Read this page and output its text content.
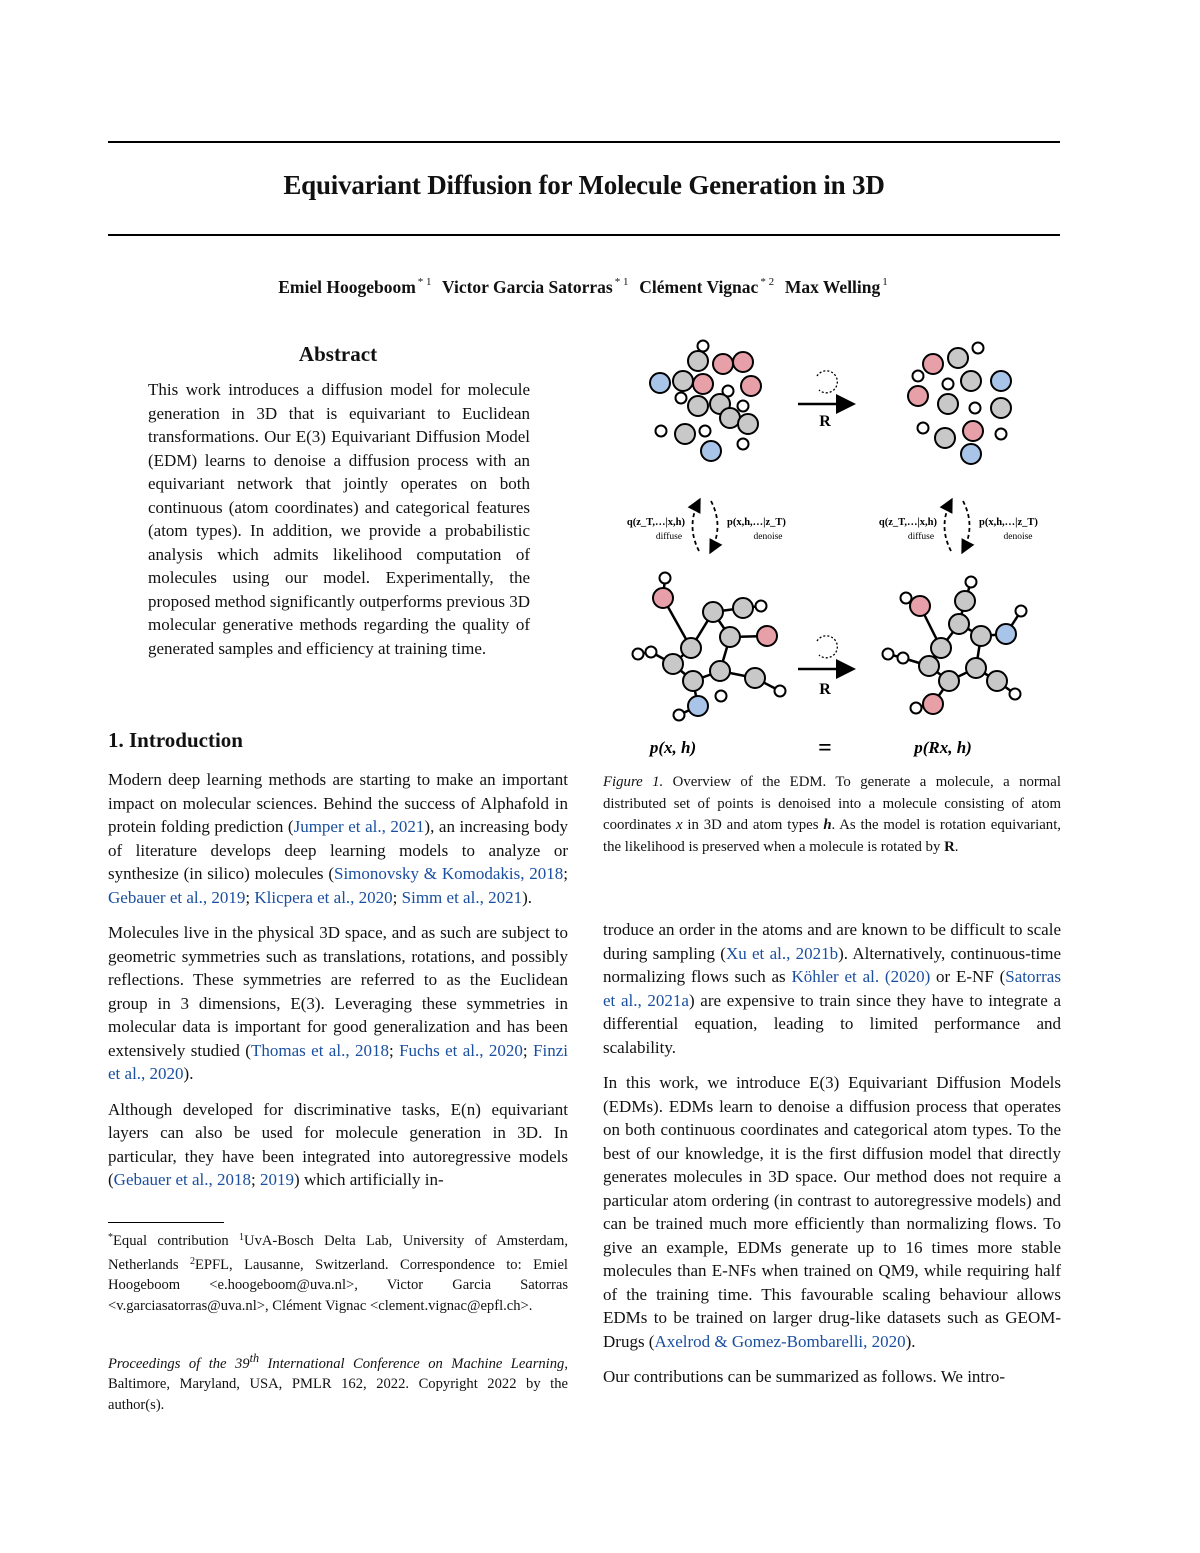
Equivariant Diffusion for Molecule Generation in 3D
Emiel Hoogeboom $^{* 1}$ Victor Garcia Satorras $^{* 1}$ Clément Vignac $^{* 2}$ Max Welling $^1$
Abstract

This work introduces a diffusion model for molecule generation in 3D that is equivariant to Euclidean transformations. Our E(3) Equivariant Diffusion Model (EDM) learns to denoise a diffusion process with an equivariant network that jointly operates on both continuous (atom coordinates) and categorical features (atom types). In addition, we provide a probabilistic analysis which admits likelihood computation of molecules using our model. Experimentally, the proposed method significantly outperforms previous 3D molecular generative methods regarding the quality of generated samples and efficiency at training time.

1. Introduction

Modern deep learning methods are starting to make an important impact on molecular sciences. Behind the success of Alphafold in protein folding prediction (Jumper et al., 2021), an increasing body of literature develops deep learning models to analyze or synthesize (in silico) molecules (Simonovsky & Komodakis, 2018; Gebauer et al., 2019; Klicpera et al., 2020; Simm et al., 2021).

Molecules live in the physical 3D space, and as such are subject to geometric symmetries such as translations, rotations, and possibly reflections. These symmetries are referred to as the Euclidean group in 3 dimensions, E(3). Leveraging these symmetries in molecular data is important for good generalization and has been extensively studied (Thomas et al., 2018; Fuchs et al., 2020; Finzi et al., 2020).

Although developed for discriminative tasks, E(n) equivariant layers can also be used for molecule generation in 3D. In particular, they have been integrated into autoregressive models (Gebauer et al., 2018; 2019) which artificially in-

*Equal contribution $^1$UvA-Bosch Delta Lab, University of Amsterdam, Netherlands $^2$EPFL, Lausanne, Switzerland. Correspondence to: Emiel Hoogeboom <e.hoogeboom@uva.nl>, Victor Garcia Satorras <v.garciasatorras@uva.nl>, Clément Vignac <clement.vignac@epfl.ch>.
Proceedings of the 39th International Conference on Machine Learning, Baltimore, Maryland, USA, PMLR 162, 2022. Copyright 2022 by the author(s).
R
R
q(z_T,…|x,h)
diffuse
p(x,h,…|z_T)
denoise
q(z_T,…|x,h)
diffuse
p(x,h,…|z_T)
denoise
p(x, h)	=	p(Rx, h)
Figure 1. Overview of the EDM. To generate a molecule, a normal distributed set of points is denoised into a molecule consisting of atom coordinates x in 3D and atom types h. As the model is rotation equivariant, the likelihood is preserved when a molecule is rotated by R.

troduce an order in the atoms and are known to be difficult to scale during sampling (Xu et al., 2021b). Alternatively, continuous-time normalizing flows such as Köhler et al. (2020) or E-NF (Satorras et al., 2021a) are expensive to train since they have to integrate a differential equation, leading to limited performance and scalability.

In this work, we introduce E(3) Equivariant Diffusion Models (EDMs). EDMs learn to denoise a diffusion process that operates on both continuous coordinates and categorical atom types. To the best of our knowledge, it is the first diffusion model that directly generates molecules in 3D space. Our method does not require a particular atom ordering (in contrast to autoregressive models) and can be trained much more efficiently than normalizing flows. To give an example, EDMs generate up to 16 times more stable molecules than E-NFs when trained on QM9, while requiring half of the training time. This favourable scaling behaviour allows EDMs to be trained on larger drug-like datasets such as GEOM-Drugs (Axelrod & Gomez-Bombarelli, 2020).

Our contributions can be summarized as follows. We intro-
